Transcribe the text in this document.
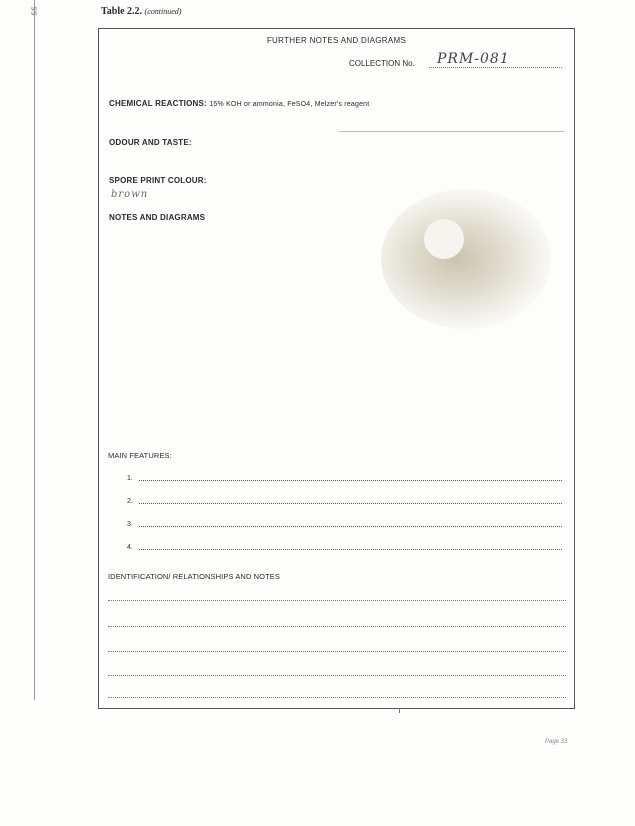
ss	Table 2.2. (continued)
FURTHER NOTES AND DIAGRAMS
COLLECTION No. PRM-081
CHEMICAL REACTIONS: 15% KOH or ammonia, FeSO4, Melzer's reagent
ODOUR AND TASTE:
SPORE PRINT COLOUR:
brown
NOTES AND DIAGRAMS
MAIN FEATURES:
1.
2.
3.
4.
IDENTIFICATION/ RELATIONSHIPS AND NOTES
Page 33
